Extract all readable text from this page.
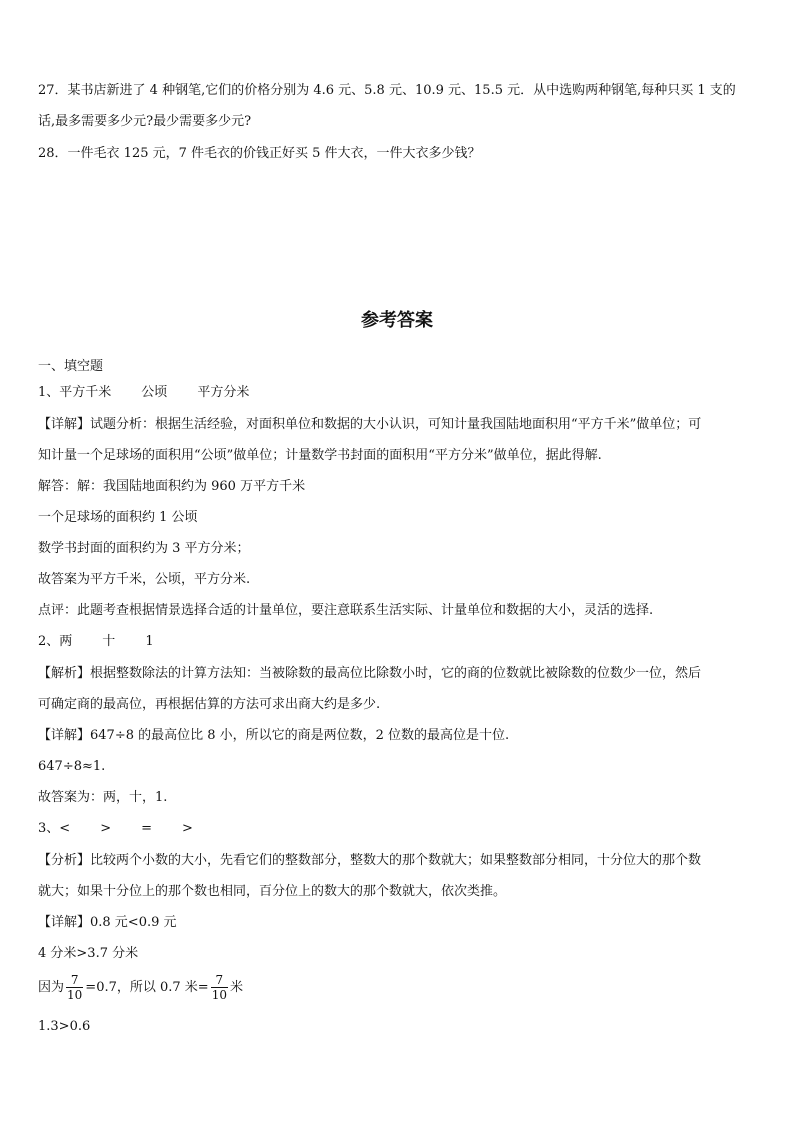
27．某书店新进了 4 种钢笔,它们的价格分别为 4.6 元、5.8 元、10.9 元、15.5 元．从中选购两种钢笔,每种只买 1 支的
话,最多需要多少元?最少需要多少元?
28．一件毛衣 125 元，7 件毛衣的价钱正好买 5 件大衣，一件大衣多少钱？
参考答案
一、填空题
1、平方千米 公顷 平方分米
【详解】试题分析：根据生活经验，对面积单位和数据的大小认识，可知计量我国陆地面积用“平方千米”做单位；可
知计量一个足球场的面积用“公顷”做单位；计量数学书封面的面积用“平方分米”做单位，据此得解.
解答：解：我国陆地面积约为 960 万平方千米
一个足球场的面积约 1 公顷
数学书封面的面积约为 3 平方分米；
故答案为平方千米，公顷，平方分米.
点评：此题考查根据情景选择合适的计量单位，要注意联系生活实际、计量单位和数据的大小，灵活的选择.
2、两 十 1
【解析】根据整数除法的计算方法知：当被除数的最高位比除数小时，它的商的位数就比被除数的位数少一位，然后
可确定商的最高位，再根据估算的方法可求出商大约是多少.
【详解】647÷8 的最高位比 8 小，所以它的商是两位数，2 位数的最高位是十位.
647÷8≈1.
故答案为：两，十，1.
3、< > = >
【分析】比较两个小数的大小，先看它们的整数部分，整数大的那个数就大；如果整数部分相同，十分位大的那个数
就大；如果十分位上的那个数也相同，百分位上的数大的那个数就大，依次类推。
【详解】0.8 元<0.9 元
4 分米>3.7 分米
因为 $\frac{7}{10} =0.7$，所以 0.7 米= $\frac{7}{10}$ 米
1.3>0.6
